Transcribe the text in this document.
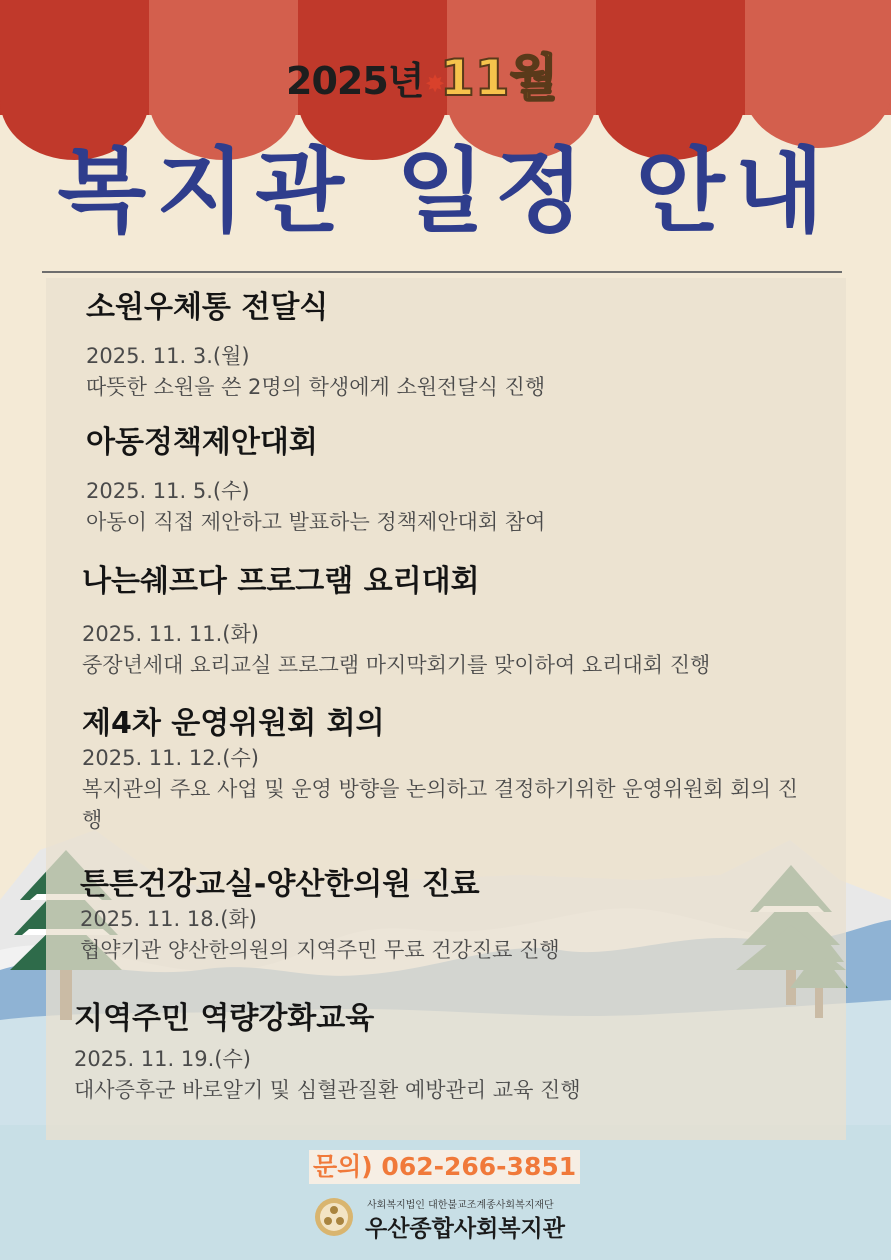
2025년 ✸
11월
복지관 일정 안내
소원우체통 전달식
2025. 11. 3.(월)
따뜻한 소원을 쓴 2명의 학생에게 소원전달식 진행
아동정책제안대회
2025. 11. 5.(수)
아동이 직접 제안하고 발표하는 정책제안대회 참여
나는쉐프다 프로그램 요리대회
2025. 11. 11.(화)
중장년세대 요리교실 프로그램 마지막회기를 맞이하여 요리대회 진행
제4차 운영위원회 회의
2025. 11. 12.(수)
복지관의 주요 사업 및 운영 방향을 논의하고 결정하기위한 운영위원회 회의 진행
튼튼건강교실-양산한의원 진료
2025. 11. 18.(화)
협약기관 양산한의원의 지역주민 무료 건강진료 진행
지역주민 역량강화교육
2025. 11. 19.(수)
대사증후군 바로알기 및 심혈관질환 예방관리 교육 진행
문의) 062-266-3851
사회복지법인 대한불교조계종사회복지재단
우산종합사회복지관
